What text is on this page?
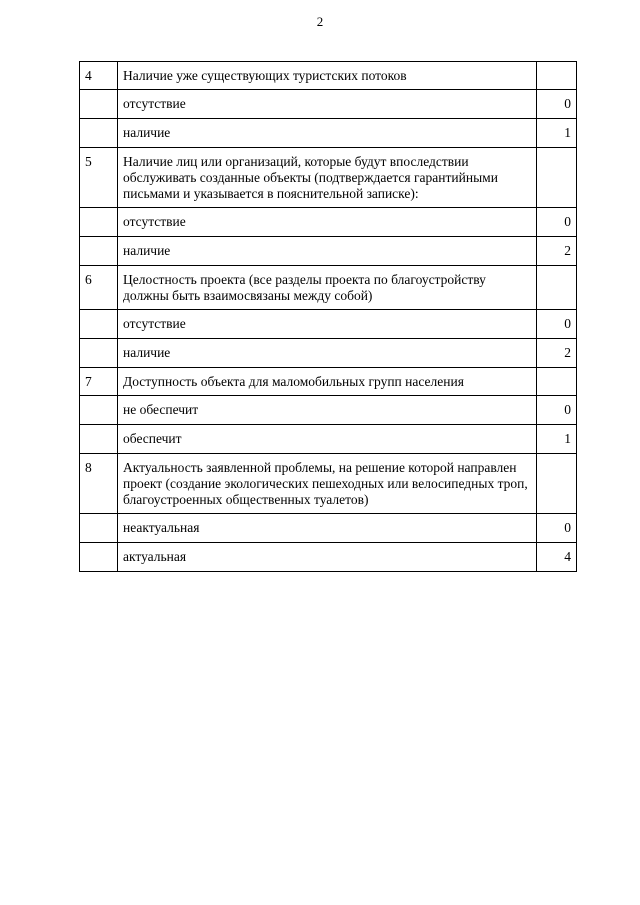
2
4	Наличие уже существующих туристских потоков	
	отсутствие	0
	наличие	1
5	Наличие лиц или организаций, которые будут впоследствии обслуживать созданные объекты (подтверждается гарантийными письмами и указывается в пояснительной записке):	
	отсутствие	0
	наличие	2
6	Целостность проекта (все разделы проекта по благоустройству должны быть взаимосвязаны между собой)	
	отсутствие	0
	наличие	2
7	Доступность объекта для маломобильных групп населения	
	не обеспечит	0
	обеспечит	1
8	Актуальность заявленной проблемы, на решение которой направлен проект (создание экологических пешеходных или велосипедных троп, благоустроенных общественных туалетов)	
	неактуальная	0
	актуальная	4
